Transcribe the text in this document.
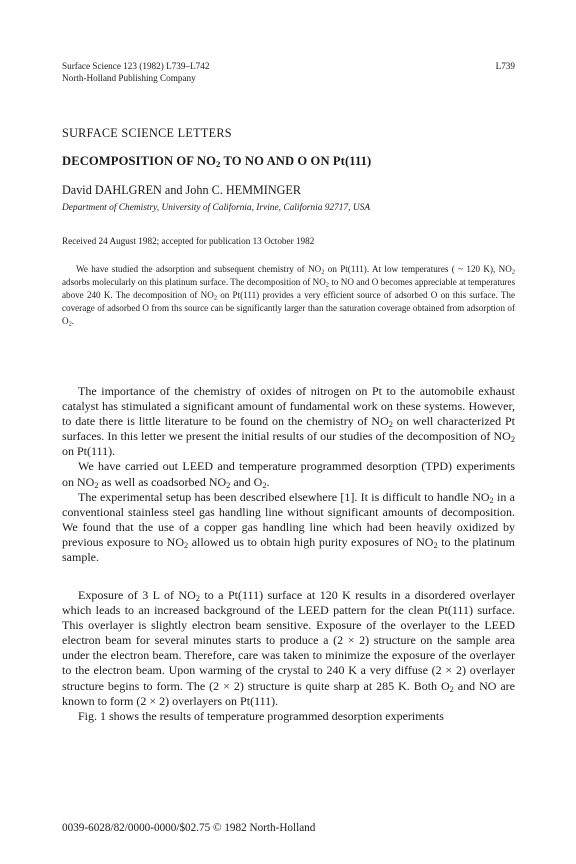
Surface Science 123 (1982) L739–L742
North-Holland Publishing Company
L739
SURFACE SCIENCE LETTERS
DECOMPOSITION OF $NO_2$ TO NO AND O ON Pt(111)
David DAHLGREN and John C. HEMMINGER
Department of Chemistry, University of California, Irvine, California 92717, USA
Received 24 August 1982; accepted for publication 13 October 1982
We have studied the adsorption and subsequent chemistry of $NO_2$ on Pt(111). At low temperatures ( ~ 120 K), $NO_2$ adsorbs molecularly on this platinum surface. The decomposition of $NO_2$ to NO and O becomes appreciable at temperatures above 240 K. The decomposition of $NO_2$ on Pt(111) provides a very efficient source of adsorbed O on this surface. The coverage of adsorbed O from ths source can be significantly larger than the saturation coverage obtained from adsorption of $O_2$.

The importance of the chemistry of oxides of nitrogen on Pt to the automobile exhaust catalyst has stimulated a significant amount of fundamental work on these systems. However, to date there is little literature to be found on the chemistry of $NO_2$ on well characterized Pt surfaces. In this letter we present the initial results of our studies of the decomposition of $NO_2$ on Pt(111).

We have carried out LEED and temperature programmed desorption (TPD) experiments on $NO_2$ as well as coadsorbed $NO_2$ and $O_2$.

The experimental setup has been described elsewhere [1]. It is difficult to handle $NO_2$ in a conventional stainless steel gas handling line without significant amounts of decomposition. We found that the use of a copper gas handling line which had been heavily oxidized by previous exposure to $NO_2$ allowed us to obtain high purity exposures of $NO_2$ to the platinum sample.

Exposure of 3 L of $NO_2$ to a Pt(111) surface at 120 K results in a disordered overlayer which leads to an increased background of the LEED pattern for the clean Pt(111) surface. This overlayer is slightly electron beam sensitive. Exposure of the overlayer to the LEED electron beam for several minutes starts to produce a (2 × 2) structure on the sample area under the electron beam. Therefore, care was taken to minimize the exposure of the overlayer to the electron beam. Upon warming of the crystal to 240 K a very diffuse (2 × 2) overlayer structure begins to form. The (2 × 2) structure is quite sharp at 285 K. Both $O_2$ and NO are known to form (2 × 2) overlayers on Pt(111).

Fig. 1 shows the results of temperature programmed desorption experiments

0039-6028/82/0000-0000/$02.75 © 1982 North-Holland
